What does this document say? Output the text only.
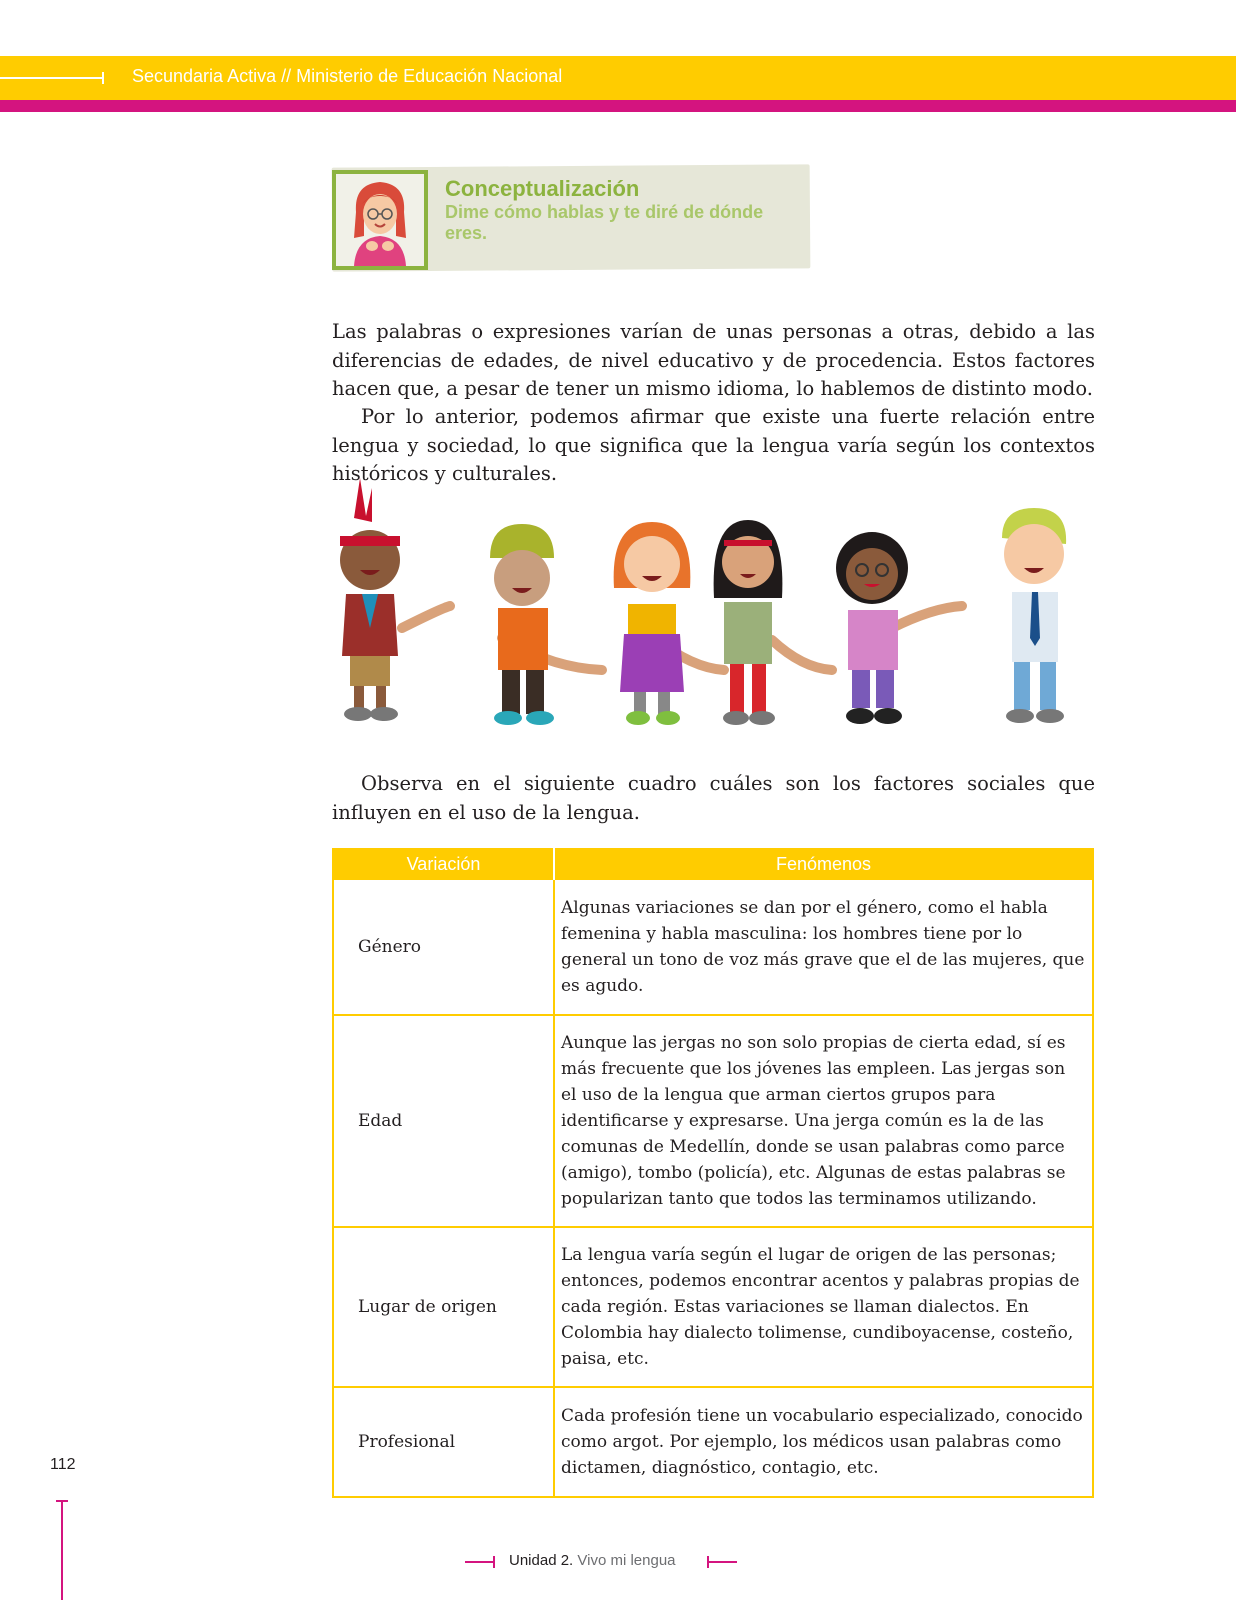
Secundaria Activa // Ministerio de Educación Nacional
Conceptualización
Dime cómo hablas y te diré de dónde eres.

Las palabras o expresiones varían de unas personas a otras, debido a las diferencias de edades, de nivel educativo y de procedencia. Estos factores hacen que, a pesar de tener un mismo idioma, lo hablemos de distinto modo.

Por lo anterior, podemos afirmar que existe una fuerte relación entre lengua y sociedad, lo que significa que la lengua varía según los contextos históricos y culturales.

Observa en el siguiente cuadro cuáles son los factores sociales que influyen en el uso de la lengua.

Variación	Fenómenos
Género	Algunas variaciones se dan por el género, como el habla femenina y habla masculina: los hombres tiene por lo general un tono de voz más grave que el de las mujeres, que es agudo.
Edad	Aunque las jergas no son solo propias de cierta edad, sí es más frecuente que los jóvenes las empleen. Las jergas son el uso de la lengua que arman ciertos grupos para identificarse y expresarse. Una jerga común es la de las comunas de Medellín, donde se usan palabras como parce (amigo), tombo (policía), etc. Algunas de estas palabras se popularizan tanto que todos las terminamos utilizando.
Lugar de origen	La lengua varía según el lugar de origen de las personas; entonces, podemos encontrar acentos y palabras propias de cada región. Estas variaciones se llaman dialectos. En Colombia hay dialecto tolimense, cundiboyacense, costeño, paisa, etc.
Profesional	Cada profesión tiene un vocabulario especializado, conocido como argot. Por ejemplo, los médicos usan palabras como dictamen, diagnóstico, contagio, etc.
112
Unidad 2. Vivo mi lengua
